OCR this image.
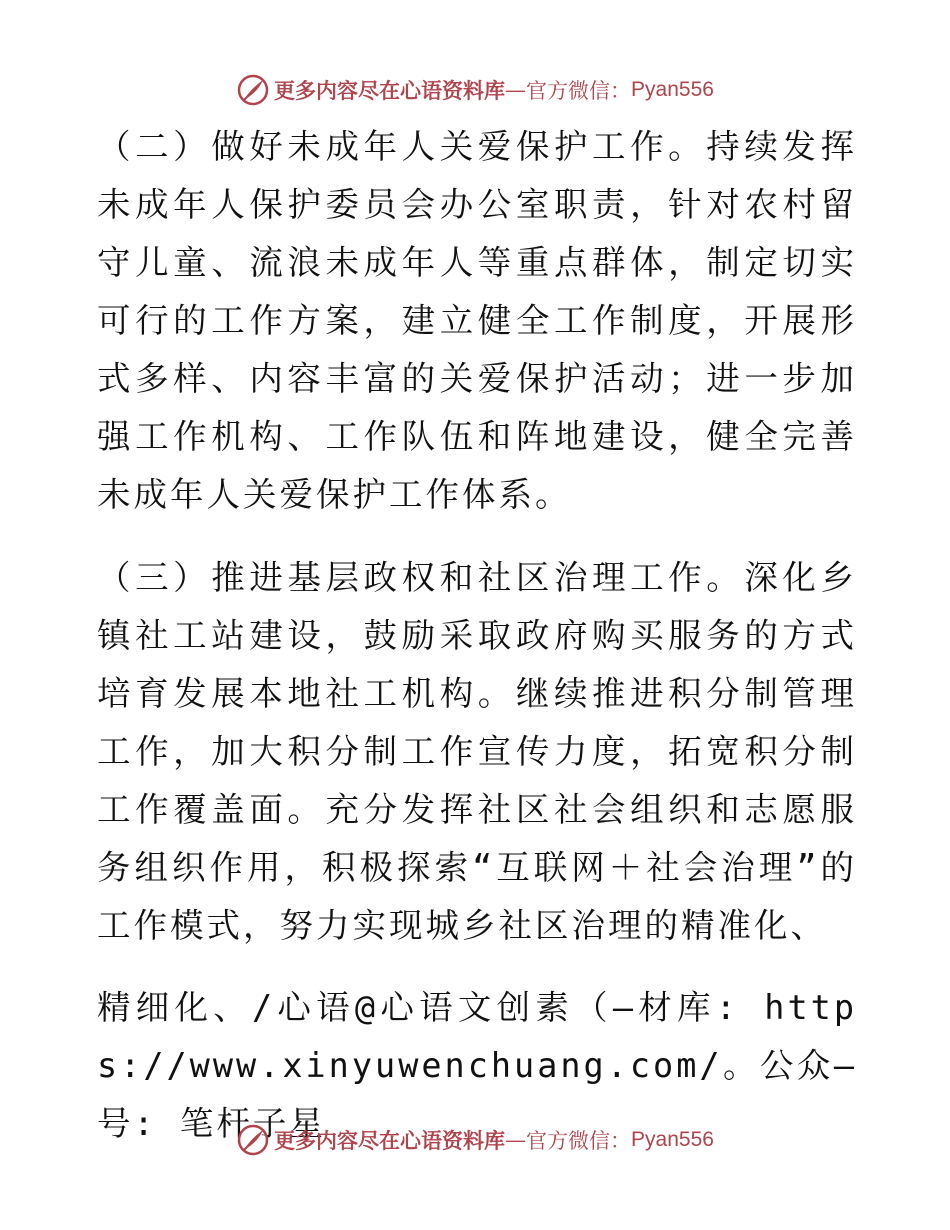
更多内容尽在心语资料库 — 官方微信： Pyan556

（二）做好未成年人关爱保护工作。持续发挥未成年人保护委员会办公室职责，针对农村留守儿童、流浪未成年人等重点群体，制定切实可行的工作方案，建立健全工作制度，开展形式多样、内容丰富的关爱保护活动；进一步加强工作机构、工作队伍和阵地建设，健全完善未成年人关爱保护工作体系。

（三）推进基层政权和社区治理工作。深化乡镇社工站建设，鼓励采取政府购买服务的方式培育发展本地社工机构。继续推进积分制管理工作，加大积分制工作宣传力度，拓宽积分制工作覆盖面。充分发挥社区社会组织和志愿服务组织作用，积极探索“互联网＋社会治理”的工作模式，努力实现城乡社区治理的精准化、

精细化、/心语@心语文创素（—材库: https://www.xinyuwenchuang.com/。公众—号: 笔杆子星

更多内容尽在心语资料库 — 官方微信： Pyan556
